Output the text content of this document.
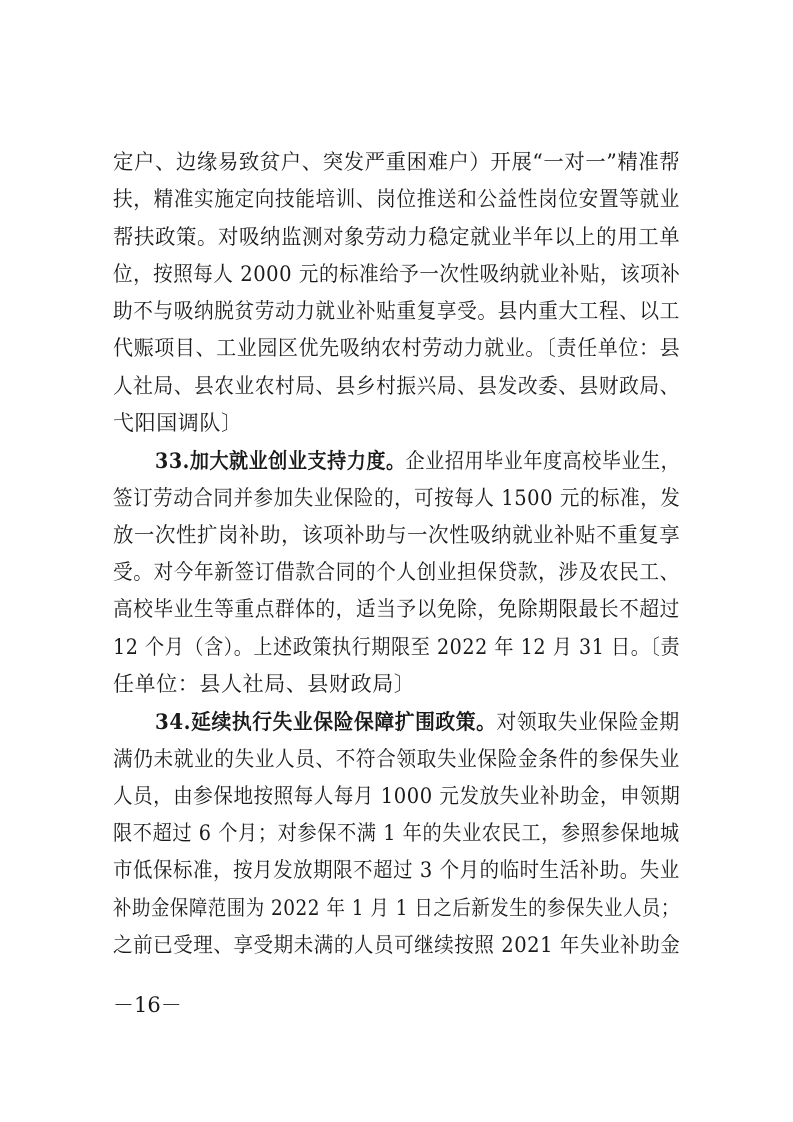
定户、边缘易致贫户、突发严重困难户）开展“一对一”精准帮
扶，精准实施定向技能培训、岗位推送和公益性岗位安置等就业
帮扶政策。对吸纳监测对象劳动力稳定就业半年以上的用工单
位，按照每人 2000 元的标准给予一次性吸纳就业补贴，该项补
助不与吸纳脱贫劳动力就业补贴重复享受。县内重大工程、以工
代赈项目、工业园区优先吸纳农村劳动力就业。〔责任单位：县
人社局、县农业农村局、县乡村振兴局、县发改委、县财政局、
弋阳国调队〕
33.加大就业创业支持力度。企业招用毕业年度高校毕业生，
签订劳动合同并参加失业保险的，可按每人 1500 元的标准，发
放一次性扩岗补助，该项补助与一次性吸纳就业补贴不重复享
受。对今年新签订借款合同的个人创业担保贷款，涉及农民工、
高校毕业生等重点群体的，适当予以免除，免除期限最长不超过
12 个月（含）。上述政策执行期限至 2022 年 12 月 31 日。〔责
任单位：县人社局、县财政局〕
34.延续执行失业保险保障扩围政策。对领取失业保险金期
满仍未就业的失业人员、不符合领取失业保险金条件的参保失业
人员，由参保地按照每人每月 1000 元发放失业补助金，申领期
限不超过 6 个月；对参保不满 1 年的失业农民工，参照参保地城
市低保标准，按月发放期限不超过 3 个月的临时生活补助。失业
补助金保障范围为 2022 年 1 月 1 日之后新发生的参保失业人员；
之前已受理、享受期未满的人员可继续按照 2021 年失业补助金
－16－
